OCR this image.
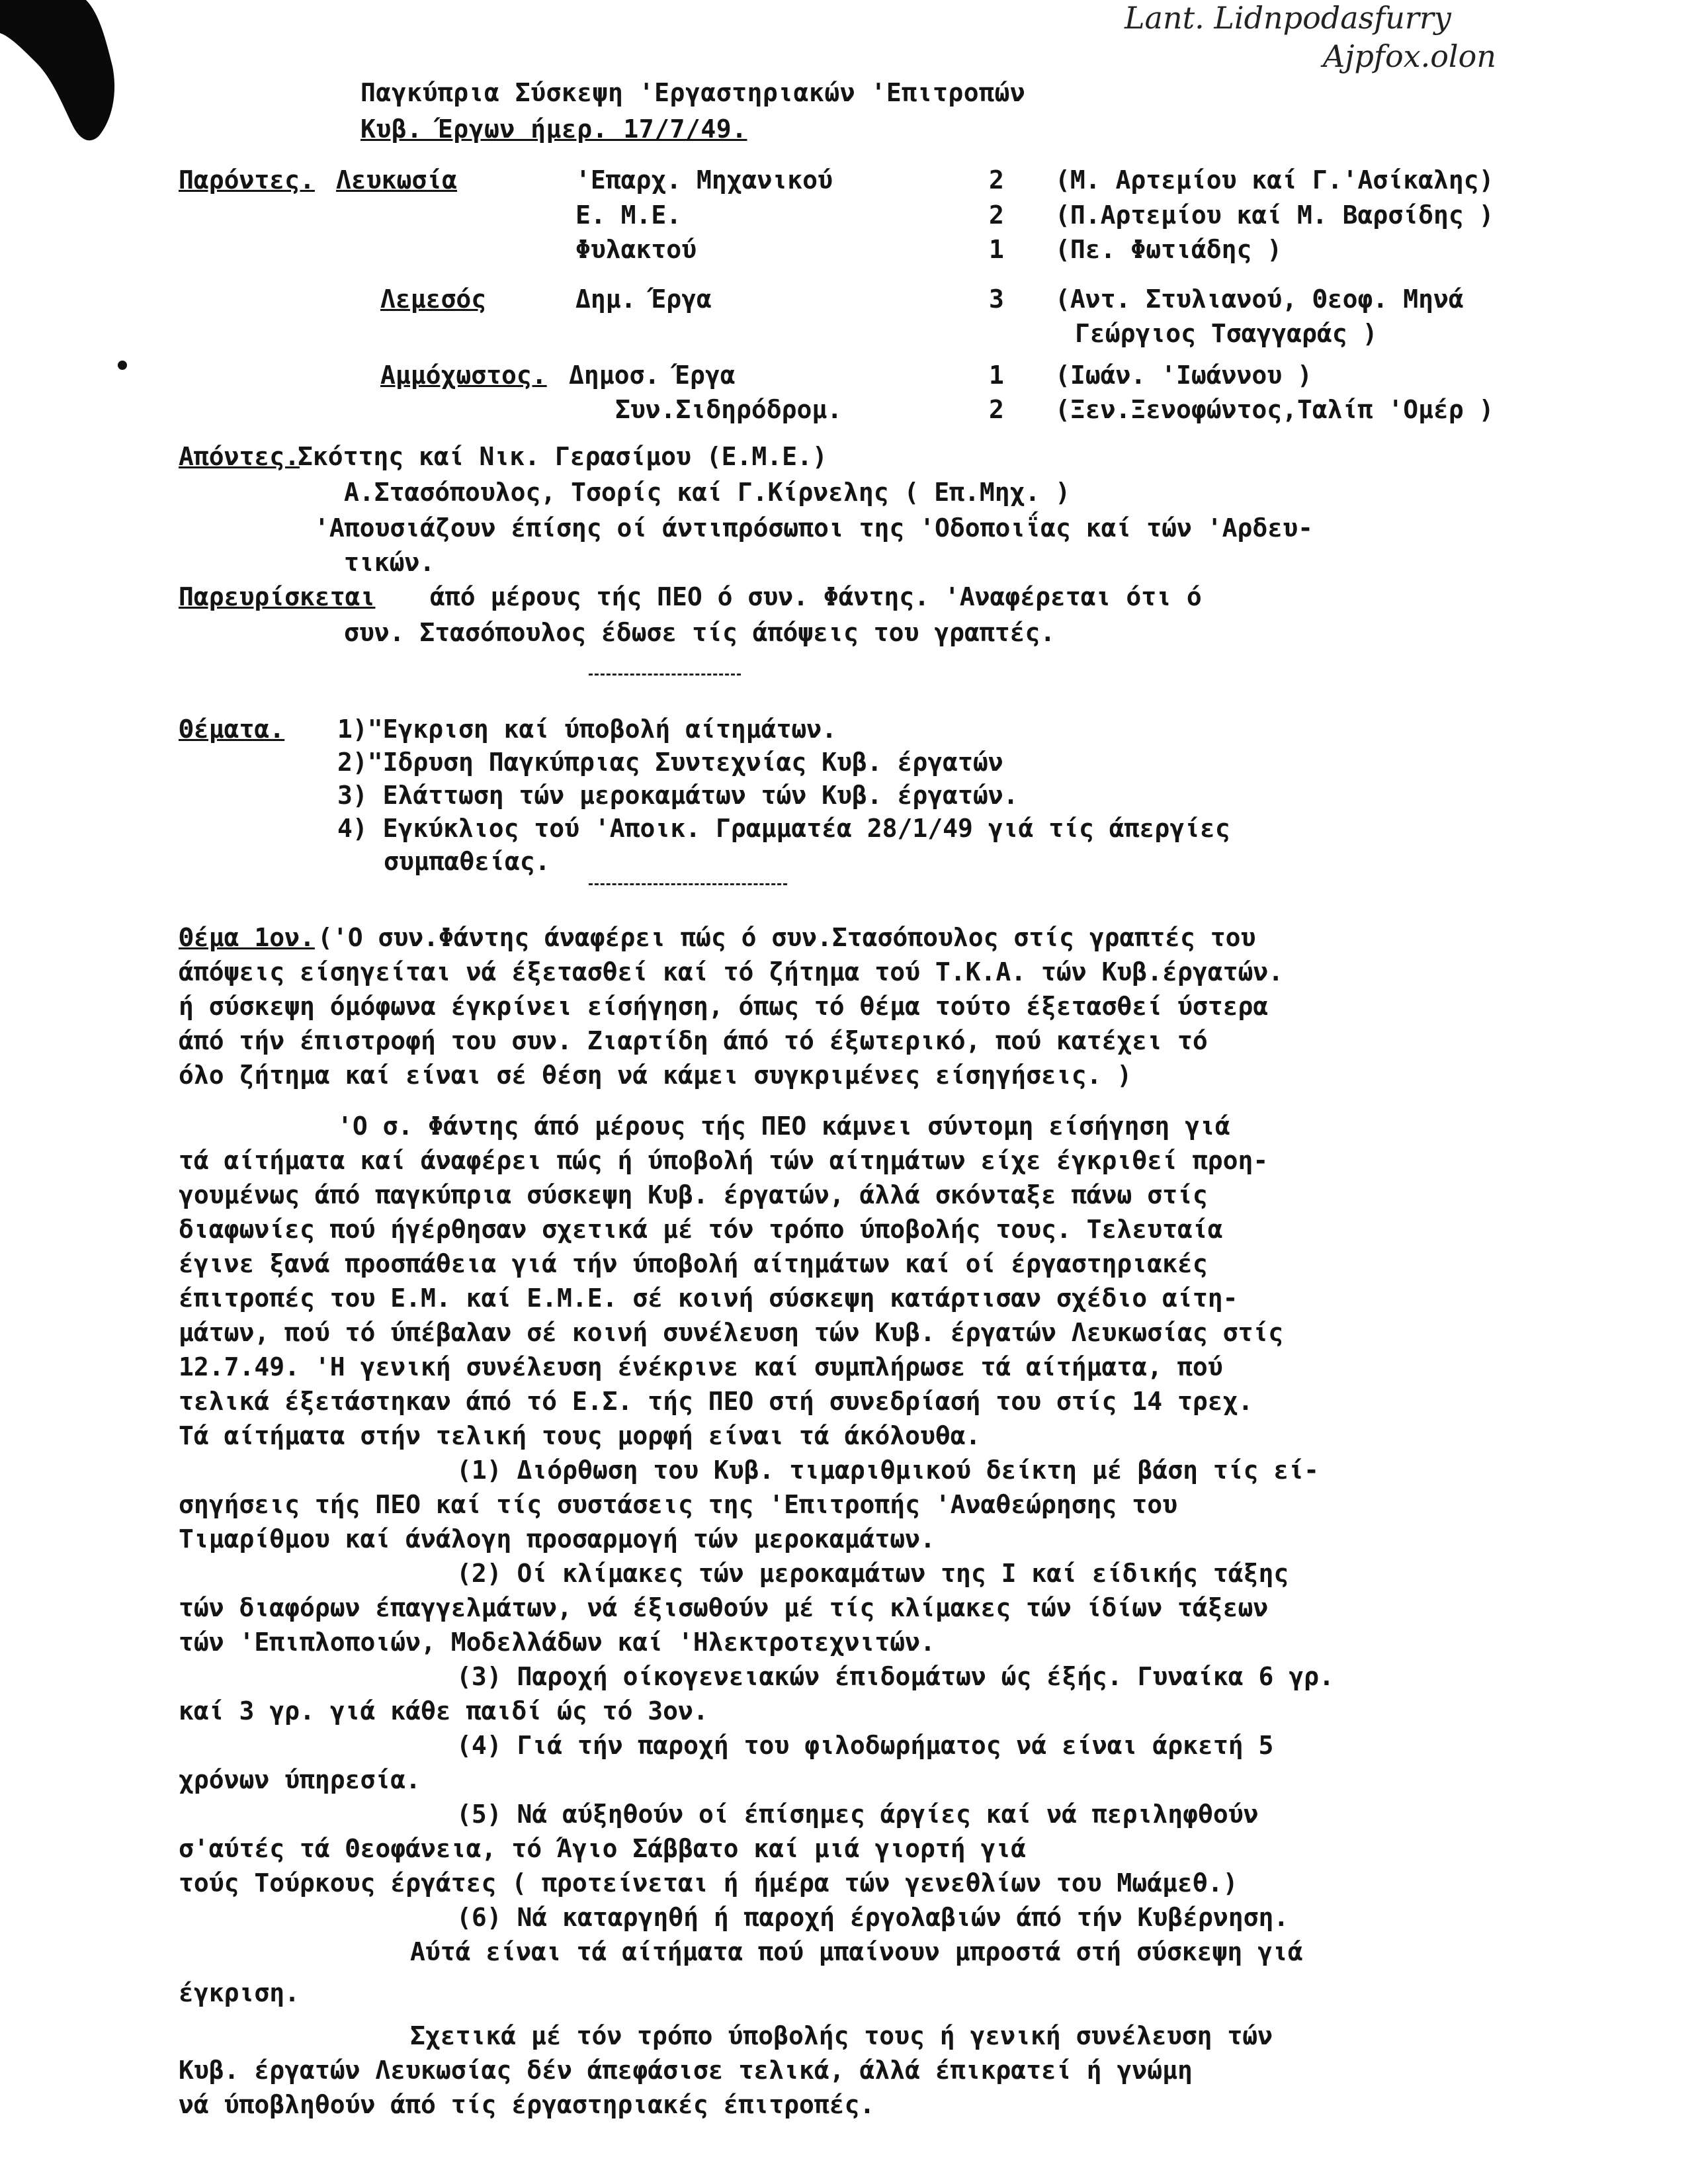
Lant. Lidnpodasfurry
Ajpfox.olon
Παγκύπρια Σύσκεψη 'Εργαστηριακών 'Επιτροπών
Κυβ. Έργων ήμερ. 17/7/49.
Παρόντες. Λευκωσία	'Επαρχ. Μηχανικού	2 (Μ. Αρτεμίου καί Γ.'Ασίκαλης)
Ε. Μ.Ε.	2 (Π.Αρτεμίου καί Μ. Βαρσίδης )
Φυλακτού	1 (Πε. Φωτιάδης )
Λεμεσός	Δημ. Έργα	3 (Αντ. Στυλιανού, Θεοφ. Μηνά
Γεώργιος Τσαγγαράς )
Αμμόχωστος. Δημοσ. Έργα	1 (Ιωάν. 'Ιωάννου )
Συν.Σιδηρόδρομ.	2 (Ξεν.Ξενοφώντος,Ταλίπ 'Ομέρ )
Απόντες.
Σκόττης καί Νικ. Γερασίμου (Ε.Μ.Ε.)
Α.Στασόπουλος, Τσορίς καί Γ.Κίρνελης ( Επ.Μηχ. )
'Απουσιάζουν έπίσης οί άντιπρόσωποι της 'Οδοποιΐας καί τών 'Αρδευ-
τικών.
Παρευρίσκεται άπό μέρους τής ΠΕΟ ό συν. Φάντης. 'Αναφέρεται ότι ό
συν. Στασόπουλος έδωσε τίς άπόψεις του γραπτές.
Θέματα. 1)"Εγκριση καί ύποβολή αίτημάτων.
2)"Ιδρυση Παγκύπριας Συντεχνίας Κυβ. έργατών
3) Ελάττωση τών μεροκαμάτων τών Κυβ. έργατών.
4) Εγκύκλιος τού 'Αποικ. Γραμματέα 28/1/49 γιά τίς άπεργίες
συμπαθείας.
Θέμα 1ον. ('Ο συν.Φάντης άναφέρει πώς ό συν.Στασόπουλος στίς γραπτές του
άπόψεις είσηγείται νά έξετασθεί καί τό ζήτημα τού Τ.Κ.Α. τών Κυβ.έργατών.
ή σύσκεψη όμόφωνα έγκρίνει είσήγηση, όπως τό θέμα τούτο έξετασθεί ύστερα
άπό τήν έπιστροφή του συν. Ζιαρτίδη άπό τό έξωτερικό, πού κατέχει τό
όλο ζήτημα καί είναι σέ θέση νά κάμει συγκριμένες είσηγήσεις. )
'Ο σ. Φάντης άπό μέρους τής ΠΕΟ κάμνει σύντομη είσήγηση γιά
τά αίτήματα καί άναφέρει πώς ή ύποβολή τών αίτημάτων είχε έγκριθεί προη-
γουμένως άπό παγκύπρια σύσκεψη Κυβ. έργατών, άλλά σκόνταξε πάνω στίς
διαφωνίες πού ήγέρθησαν σχετικά μέ τόν τρόπο ύποβολής τους. Τελευταία
έγινε ξανά προσπάθεια γιά τήν ύποβολή αίτημάτων καί οί έργαστηριακές
έπιτροπές του Ε.Μ. καί Ε.Μ.Ε. σέ κοινή σύσκεψη κατάρτισαν σχέδιο αίτη-
μάτων, πού τό ύπέβαλαν σέ κοινή συνέλευση τών Κυβ. έργατών Λευκωσίας στίς
12.7.49. 'Η γενική συνέλευση ένέκρινε καί συμπλήρωσε τά αίτήματα, πού
τελικά έξετάστηκαν άπό τό Ε.Σ. τής ΠΕΟ στή συνεδρίασή του στίς 14 τρεχ.
Τά αίτήματα στήν τελική τους μορφή είναι τά άκόλουθα.
(1) Διόρθωση του Κυβ. τιμαριθμικού δείκτη μέ βάση τίς εί-
σηγήσεις τής ΠΕΟ καί τίς συστάσεις της 'Επιτροπής 'Αναθεώρησης του
Τιμαρίθμου καί άνάλογη προσαρμογή τών μεροκαμάτων.
(2) Οί κλίμακες τών μεροκαμάτων της Ι καί είδικής τάξης
τών διαφόρων έπαγγελμάτων, νά έξισωθούν μέ τίς κλίμακες τών ίδίων τάξεων
τών 'Επιπλοποιών, Μοδελλάδων καί 'Ηλεκτροτεχνιτών.
(3) Παροχή οίκογενειακών έπιδομάτων ώς έξής. Γυναίκα 6 γρ.
καί 3 γρ. γιά κάθε παιδί ώς τό 3ον.
(4) Γιά τήν παροχή του φιλοδωρήματος νά είναι άρκετή 5
χρόνων ύπηρεσία.
(5) Νά αύξηθούν οί έπίσημες άργίες καί νά περιληφθούν
σ'αύτές τά Θεοφάνεια, τό Άγιο Σάββατο καί μιά γιορτή γιά
τούς Τούρκους έργάτες ( προτείνεται ή ήμέρα τών γενεθλίων του Μωάμεθ.)
(6) Νά καταργηθή ή παροχή έργολαβιών άπό τήν Κυβέρνηση.
Αύτά είναι τά αίτήματα πού μπαίνουν μπροστά στή σύσκεψη γιά
έγκριση.
Σχετικά μέ τόν τρόπο ύποβολής τους ή γενική συνέλευση τών
Κυβ. έργατών Λευκωσίας δέν άπεφάσισε τελικά, άλλά έπικρατεί ή γνώμη
νά ύποβληθούν άπό τίς έργαστηριακές έπιτροπές.
